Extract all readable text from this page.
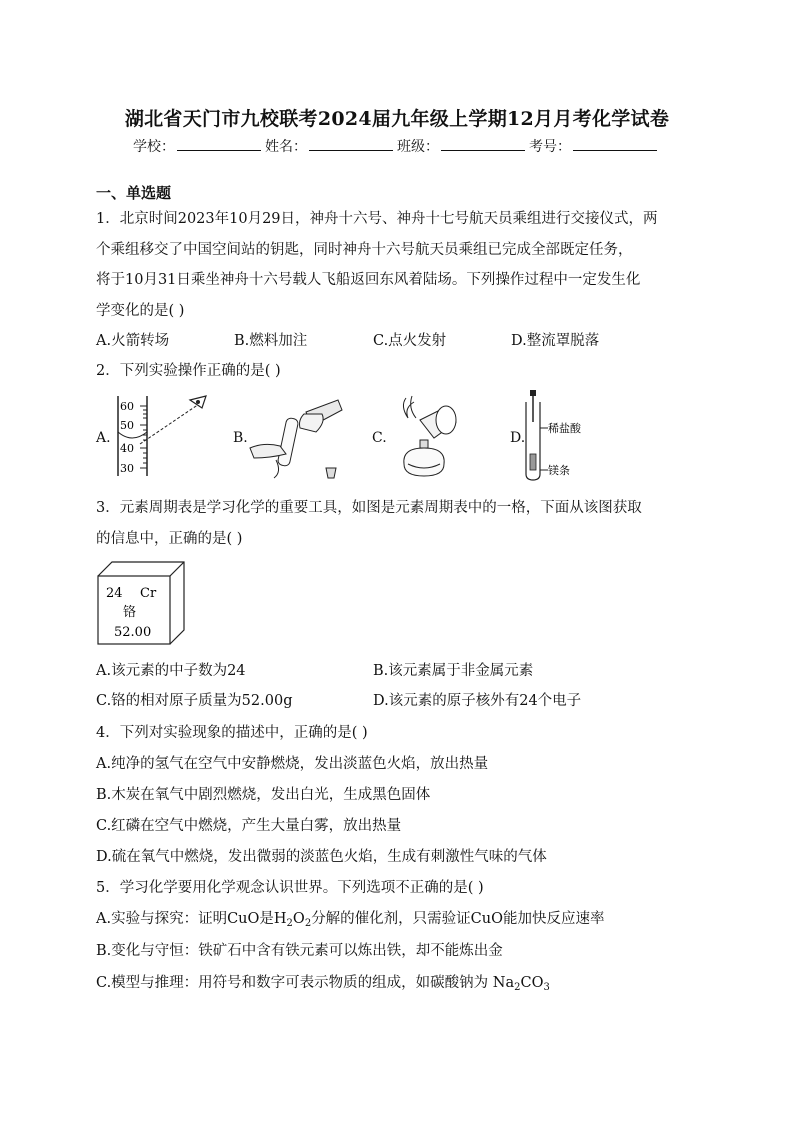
湖北省天门市九校联考2024届九年级上学期12月月考化学试卷
学校：	姓名：	班级：	考号：
一、单选题
1．北京时间2023年10月29日，神舟十六号、神舟十七号航天员乘组进行交接仪式，两
个乘组移交了中国空间站的钥匙，同时神舟十六号航天员乘组已完成全部既定任务，
将于10月31日乘坐神舟十六号载人飞船返回东风着陆场。下列操作过程中一定发生化
学变化的是( )
A.火箭转场	B.燃料加注	C.点火发射	D.整流罩脱落
2．下列实验操作正确的是( )
A.
60
50
40
30
B.	C.	D.
稀盐酸
镁条
3．元素周期表是学习化学的重要工具，如图是元素周期表中的一格，下面从该图获取
的信息中，正确的是( )
24 Cr
铬
52.00
A.该元素的中子数为24	B.该元素属于非金属元素
C.铬的相对原子质量为52.00g	D.该元素的原子核外有24个电子
4．下列对实验现象的描述中，正确的是( )
A.纯净的氢气在空气中安静燃烧，发出淡蓝色火焰，放出热量
B.木炭在氧气中剧烈燃烧，发出白光，生成黑色固体
C.红磷在空气中燃烧，产生大量白雾，放出热量
D.硫在氧气中燃烧，发出微弱的淡蓝色火焰，生成有刺激性气味的气体
5．学习化学要用化学观念认识世界。下列选项不正确的是( )
A.实验与探究：证明CuO是$H_2O_2$分解的催化剂，只需验证CuO能加快反应速率
B.变化与守恒：铁矿石中含有铁元素可以炼出铁，却不能炼出金
C.模型与推理：用符号和数字可表示物质的组成，如碳酸钠为 $Na_2CO_3$
